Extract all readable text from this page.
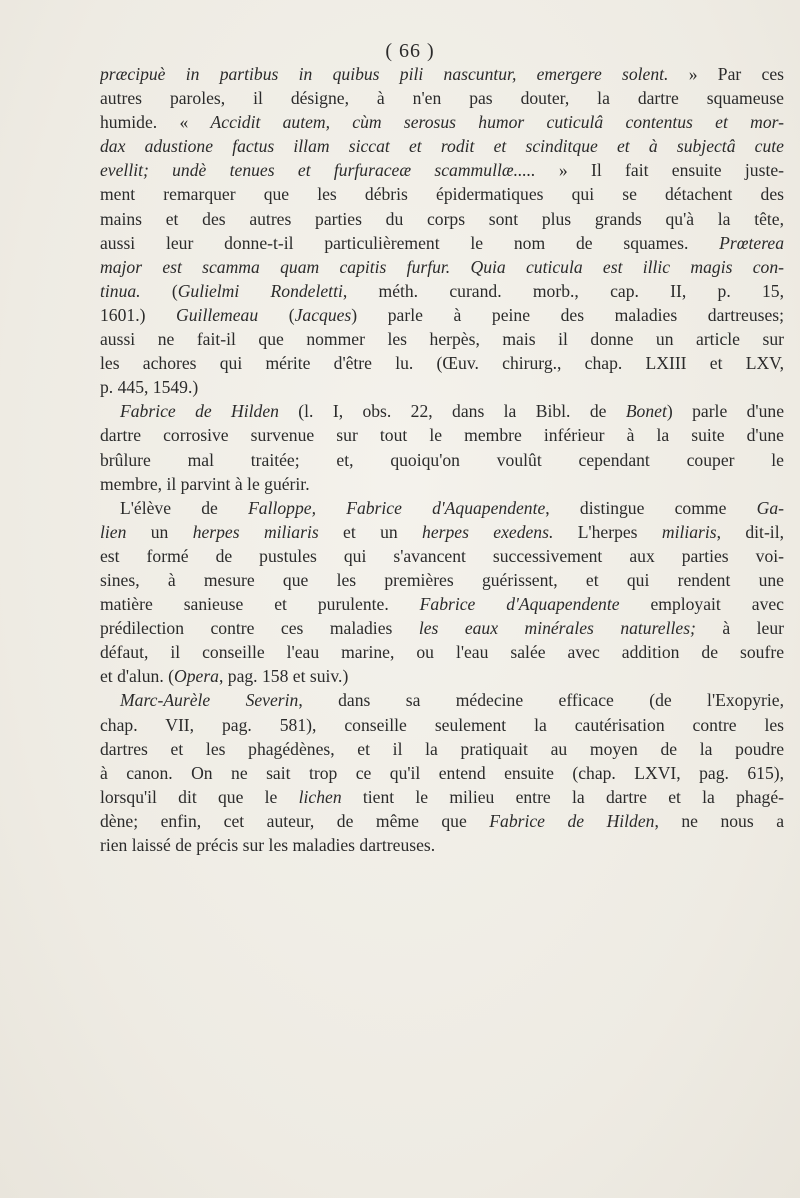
( 66 )
præcipuè in partibus in quibus pili nascuntur, emergere solent. » Par ces
autres paroles, il désigne, à n'en pas douter, la dartre squameuse
humide. « Accidit autem, cùm serosus humor cuticulâ contentus et mor-
dax adustione factus illam siccat et rodit et scinditque et à subjectâ cute
evellit; undè tenues et furfuraceæ scammullæ..... » Il fait ensuite juste-
ment remarquer que les débris épidermatiques qui se détachent des
mains et des autres parties du corps sont plus grands qu'à la tête,
aussi leur donne-t-il particulièrement le nom de squames. Prœterea
major est scamma quam capitis furfur. Quia cuticula est illic magis con-
tinua. (Gulielmi Rondeletti, méth. curand. morb., cap. II, p. 15,
1601.) Guillemeau (Jacques) parle à peine des maladies dartreuses;
aussi ne fait-il que nommer les herpès, mais il donne un article sur
les achores qui mérite d'être lu. (Œuv. chirurg., chap. LXIII et LXV,
p. 445, 1549.)
Fabrice de Hilden (l. I, obs. 22, dans la Bibl. de Bonet) parle d'une
dartre corrosive survenue sur tout le membre inférieur à la suite d'une
brûlure mal traitée; et, quoiqu'on voulût cependant couper le
membre, il parvint à le guérir.
L'élève de Falloppe, Fabrice d'Aquapendente, distingue comme Ga-
lien un herpes miliaris et un herpes exedens. L'herpes miliaris, dit-il,
est formé de pustules qui s'avancent successivement aux parties voi-
sines, à mesure que les premières guérissent, et qui rendent une
matière sanieuse et purulente. Fabrice d'Aquapendente employait avec
prédilection contre ces maladies les eaux minérales naturelles; à leur
défaut, il conseille l'eau marine, ou l'eau salée avec addition de soufre
et d'alun. (Opera, pag. 158 et suiv.)
Marc-Aurèle Severin, dans sa médecine efficace (de l'Exopyrie,
chap. VII, pag. 581), conseille seulement la cautérisation contre les
dartres et les phagédènes, et il la pratiquait au moyen de la poudre
à canon. On ne sait trop ce qu'il entend ensuite (chap. LXVI, pag. 615),
lorsqu'il dit que le lichen tient le milieu entre la dartre et la phagé-
dène; enfin, cet auteur, de même que Fabrice de Hilden, ne nous a
rien laissé de précis sur les maladies dartreuses.
